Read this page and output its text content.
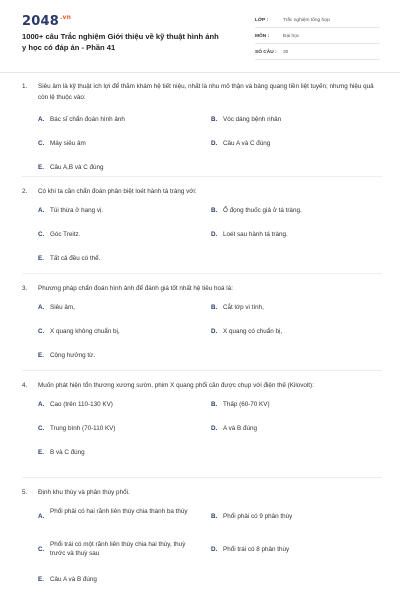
$2048^{.vn}$
1000+ câu Trắc nghiệm Giới thiệu về kỹ thuật hình ảnh y học có đáp án - Phần 41
LỚP :	Trắc nghiệm tổng hợp
MÔN :	Đại học
SỐ CÂU :	30
1. Siêu âm là kỹ thuật ích lợi để thăm khám hệ tiết niệu, nhất là nhu mô thận và bàng quang tiền liệt tuyến; nhưng hiệu quả còn lệ thuộc vào:
A. Bác sĩ chẩn đoán hình ảnh	B. Vóc dáng bệnh nhân
C. Máy siêu âm	D. Câu A và C đúng
E. Câu A,B và C đúng
2. Có khi ta cần chẩn đoán phân biệt loét hành tá tràng với:
A. Túi thừa ở hang vị.	B. Ổ đọng thuốc giả ở tá tràng.
C. Góc Treitz.	D. Loét sau hành tá tràng.
E. Tất cả đều có thể.
3. Phương pháp chẩn đoán hình ảnh để đánh giá tốt nhất hệ tiêu hoá là:
A. Siêu âm,	B. Cắt lớp vi tính,
C. X quang không chuẩn bị,	D. X quang có chuẩn bị,
E. Cộng hưởng từ.
4. Muốn phát hiện tổn thương xương sườn, phim X quang phổi cần được chụp với điện thế (Kilovolt):
A. Cao (trên 110-130 KV)	B. Thấp (60-70 KV)
C. Trung bình (70-110 KV)	D. A và B đúng
E. B và C đúng
5. Định khu thùy và phân thùy phổi.
A.
Phổi phải có hai rãnh liên thùy chia thành ba thùy
B. Phổi phải có 9 phân thùy
C.
Phổi trái có một rãnh liên thùy chia hai thùy, thuỳ trước và thuỳ sau
D. Phổi trái có 8 phân thùy
E. Câu A và B đúng
